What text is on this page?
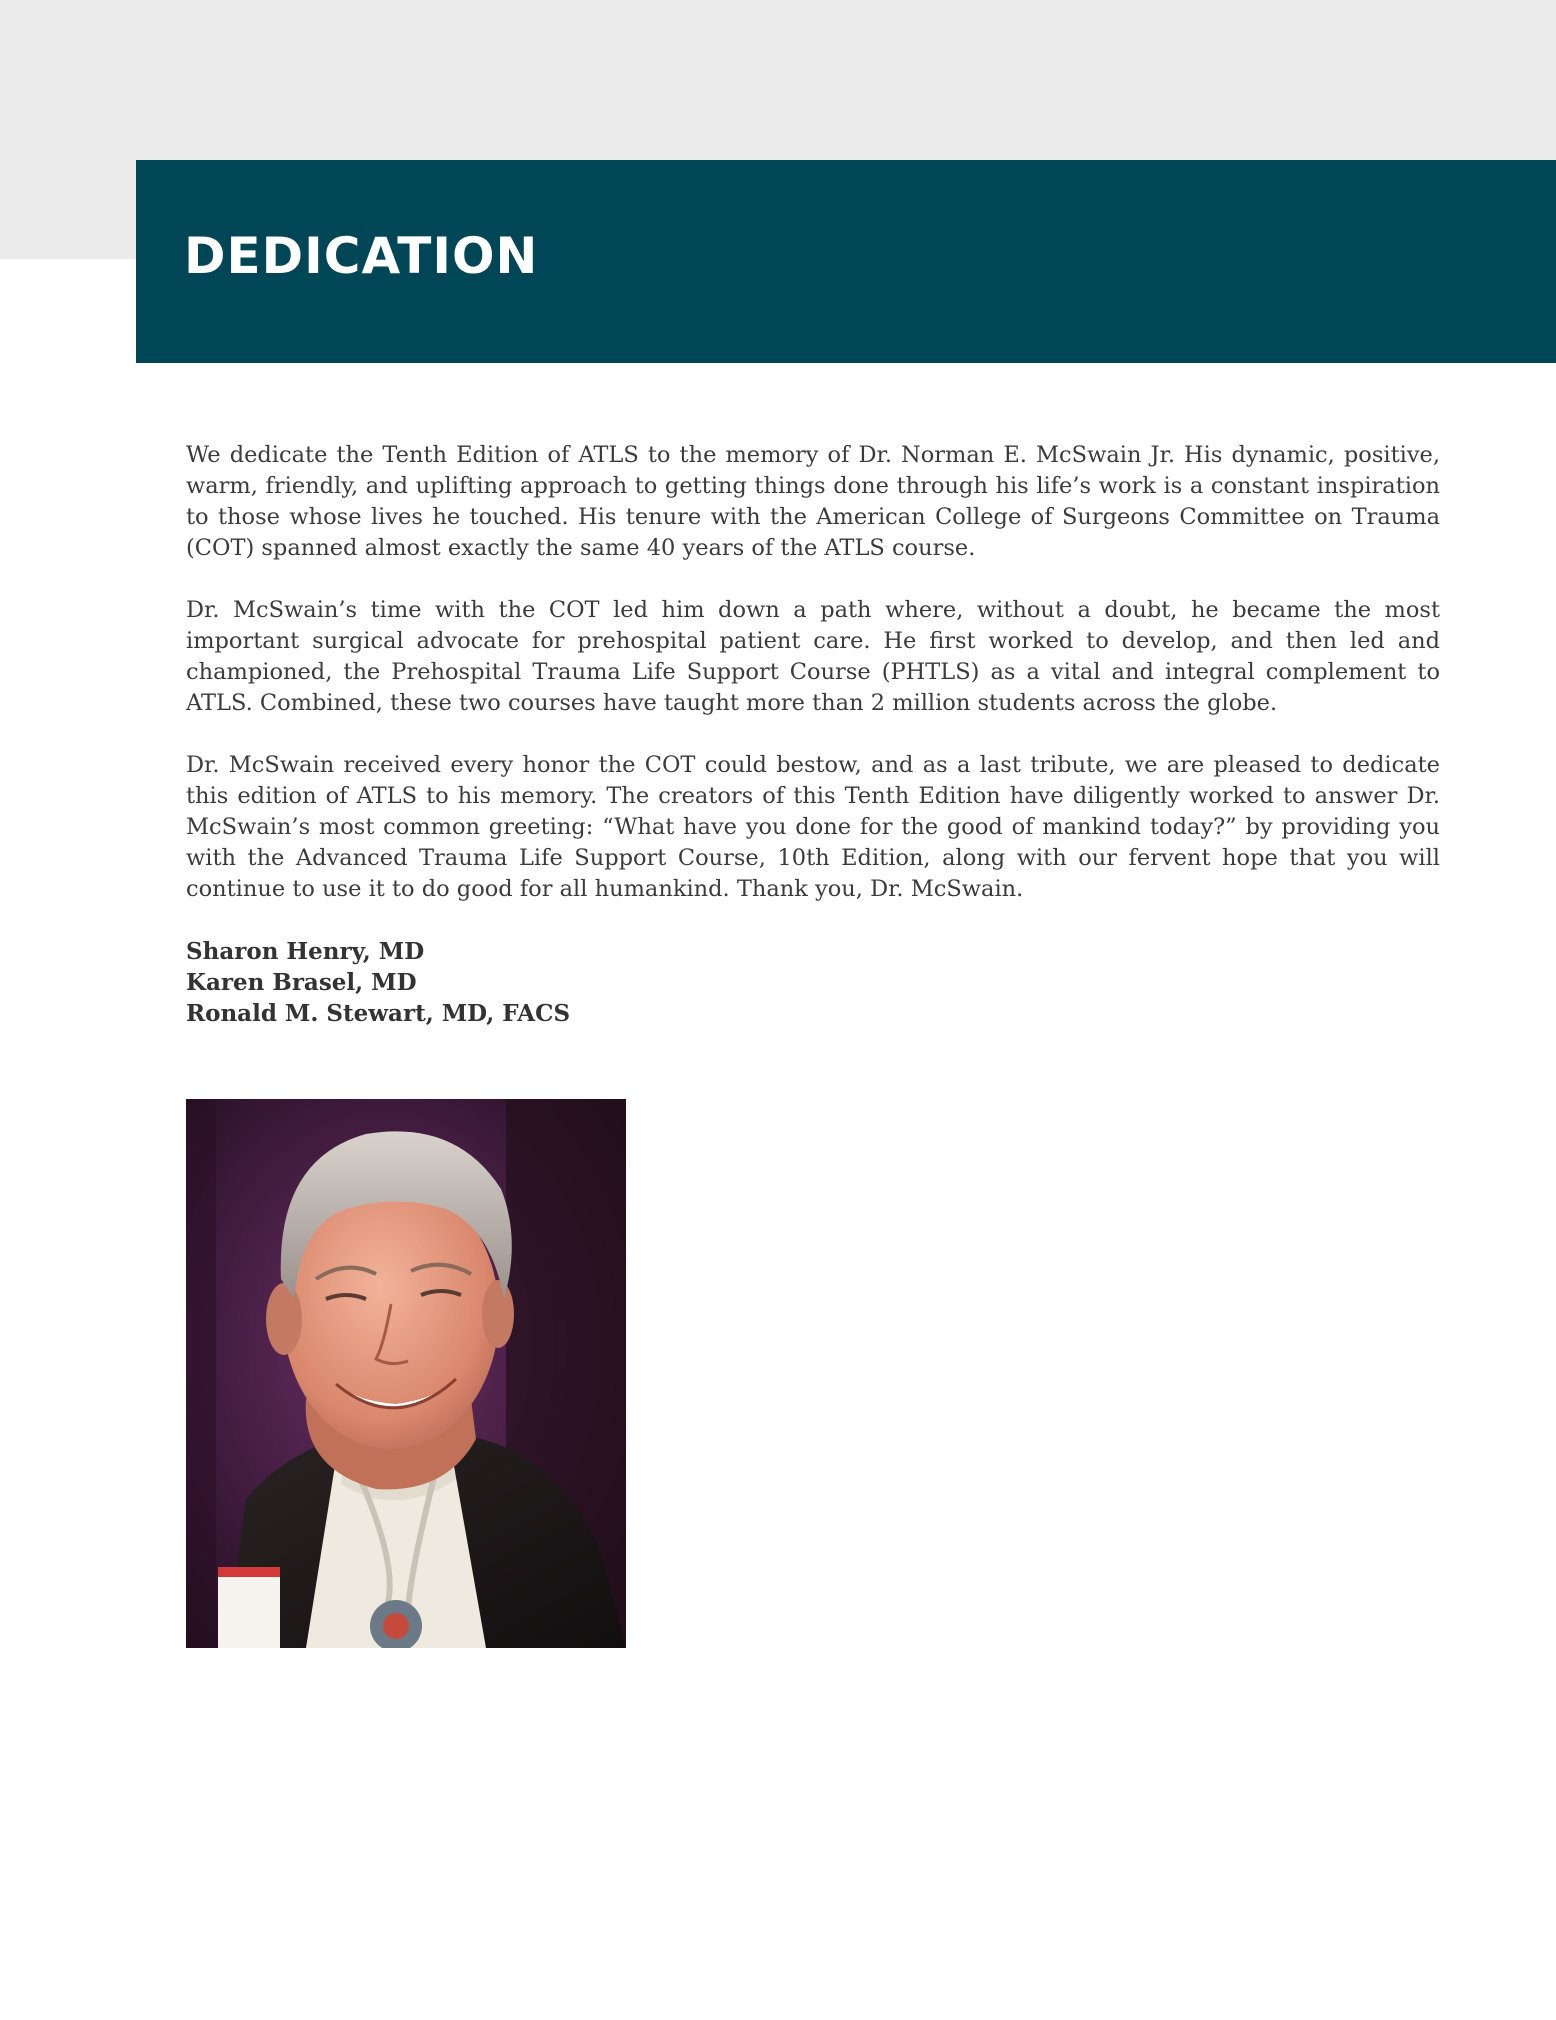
DEDICATION

We dedicate the Tenth Edition of ATLS to the memory of Dr. Norman E. McSwain Jr. His dynamic, positive, warm, friendly, and uplifting approach to getting things done through his life’s work is a constant inspiration to those whose lives he touched. His tenure with the American College of Surgeons Committee on Trauma (COT) spanned almost exactly the same 40 years of the ATLS course.

Dr. McSwain’s time with the COT led him down a path where, without a doubt, he became the most important surgical advocate for prehospital patient care. He first worked to develop, and then led and championed, the Prehospital Trauma Life Support Course (PHTLS) as a vital and integral complement to ATLS. Combined, these two courses have taught more than 2 million students across the globe.

Dr. McSwain received every honor the COT could bestow, and as a last tribute, we are pleased to dedicate this edition of ATLS to his memory. The creators of this Tenth Edition have diligently worked to answer Dr. McSwain’s most common greeting: “What have you done for the good of mankind today?” by providing you with the Advanced Trauma Life Support Course, 10th Edition, along with our fervent hope that you will continue to use it to do good for all humankind. Thank you, Dr. McSwain.

Sharon Henry, MD
Karen Brasel, MD
Ronald M. Stewart, MD, FACS
